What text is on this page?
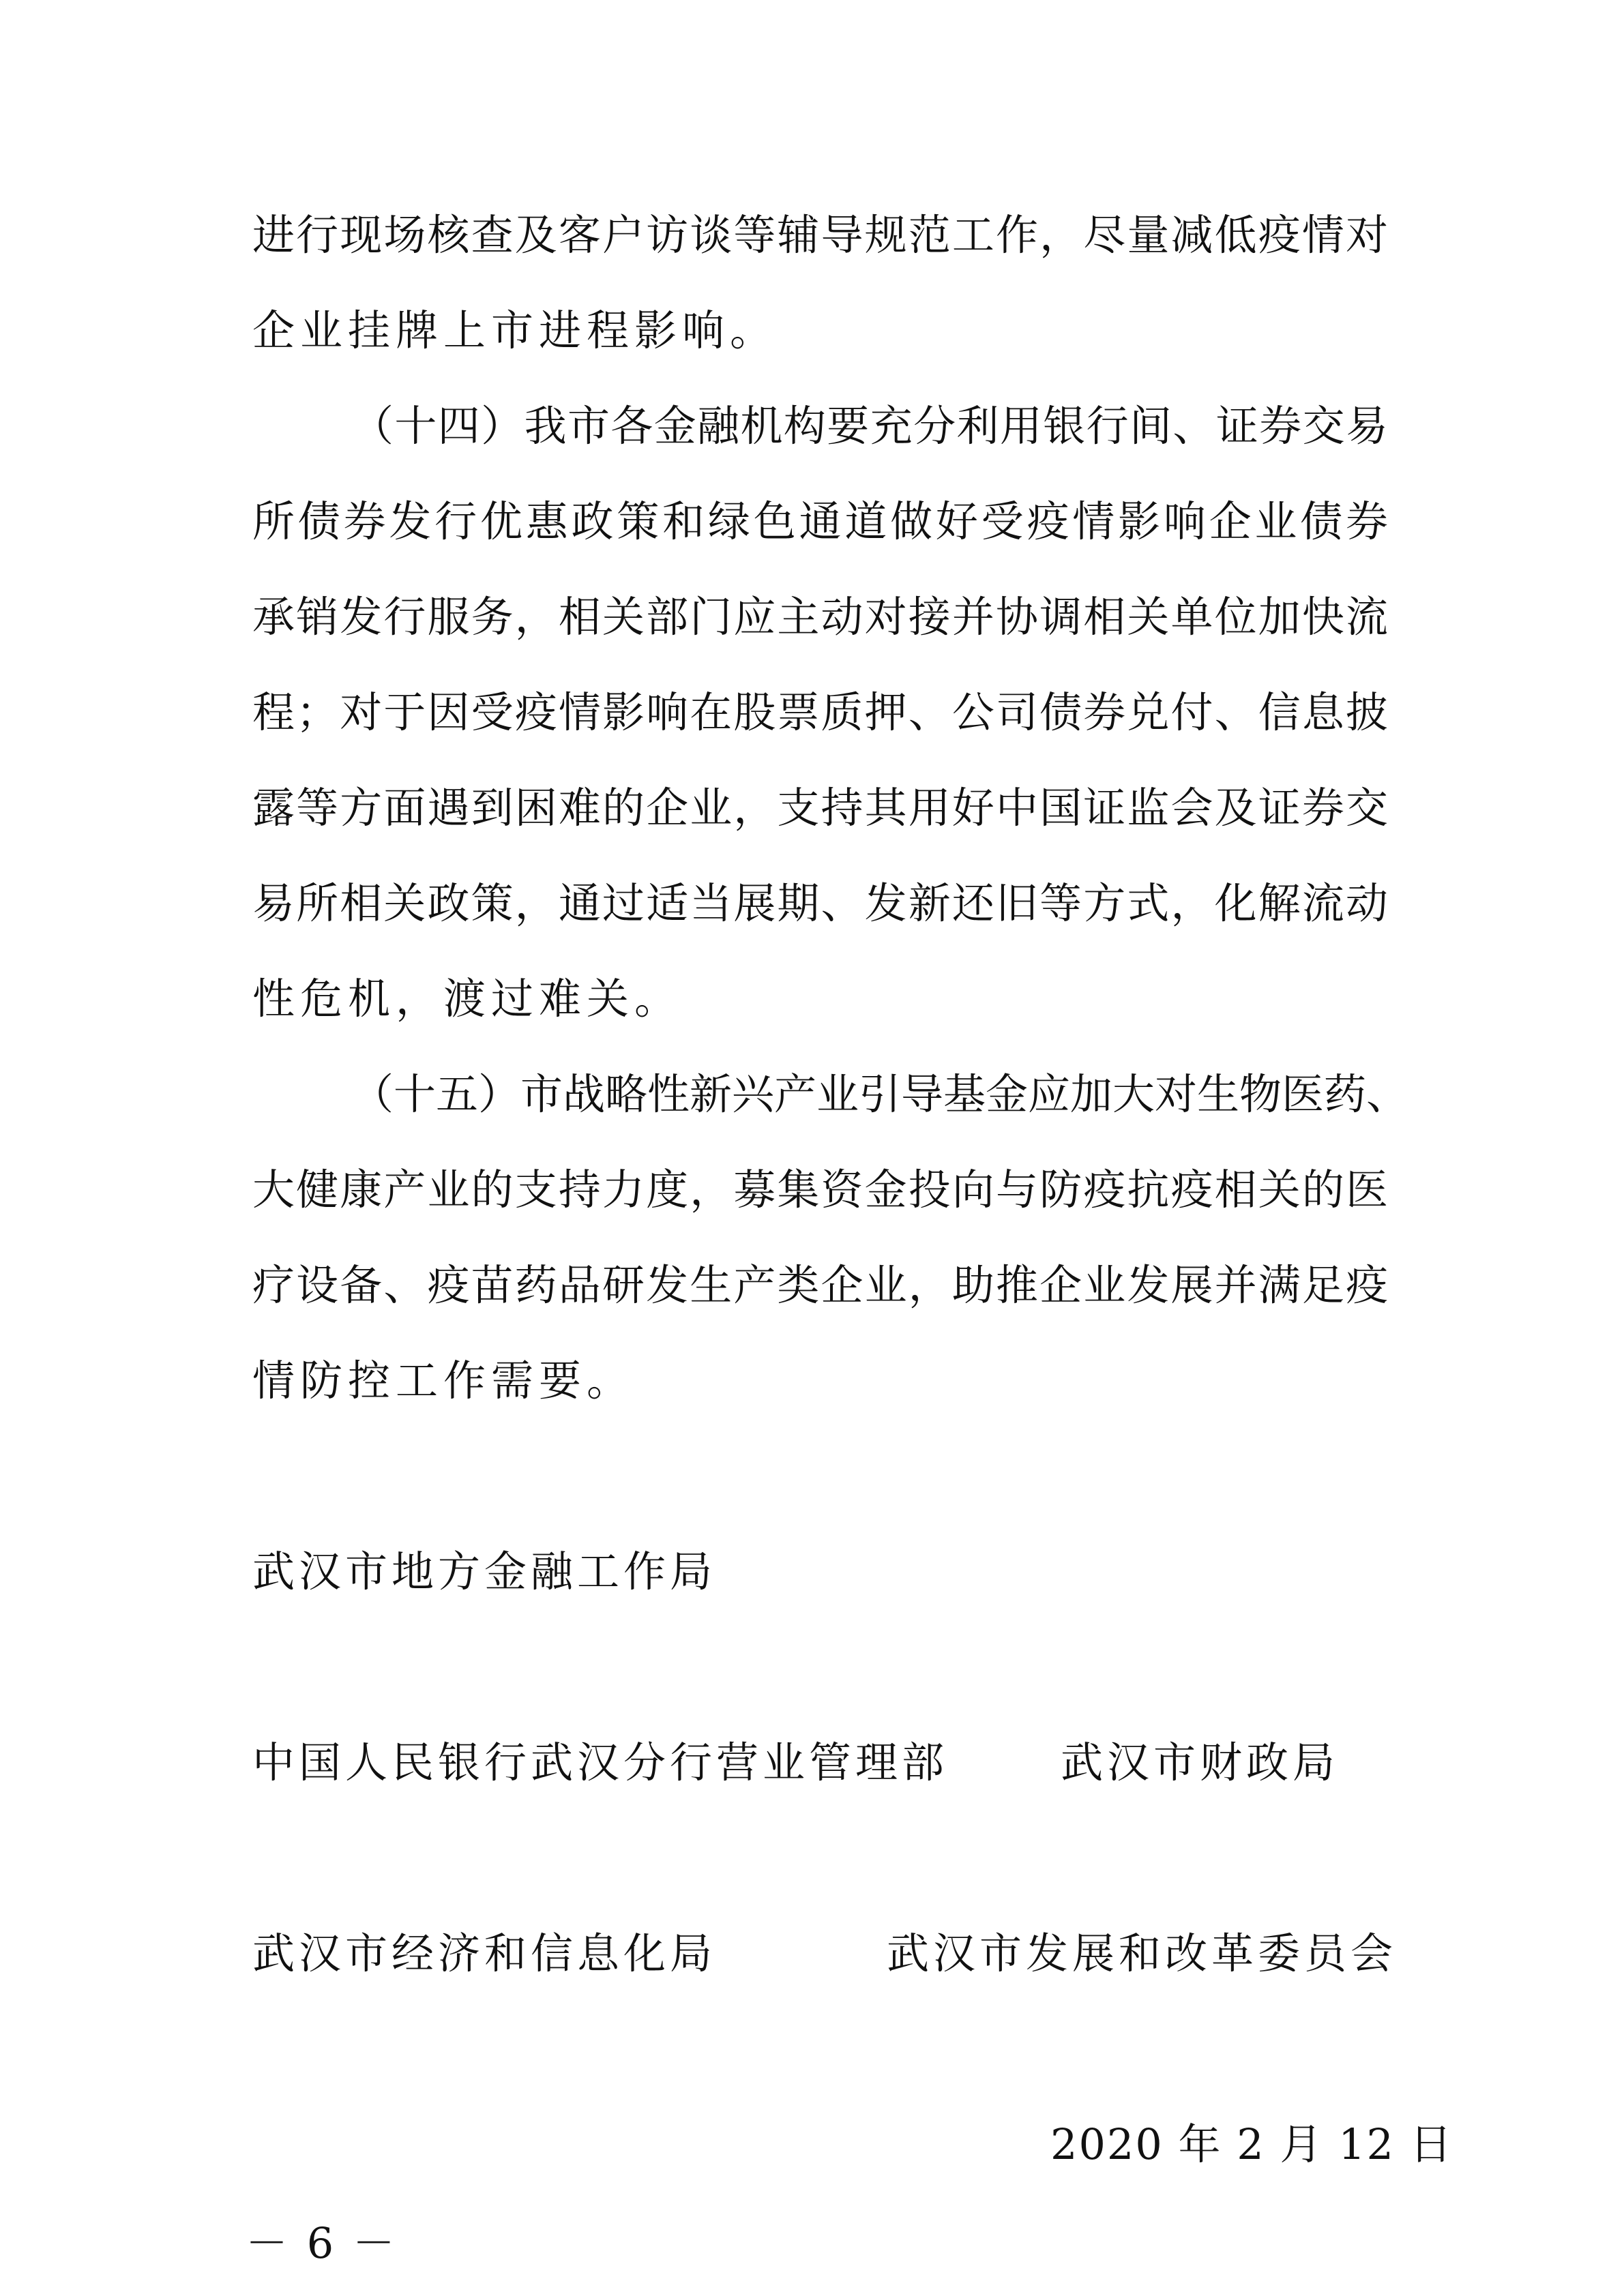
进行现场核查及客户访谈等辅导规范工作，尽量减低疫情对
企业挂牌上市进程影响。
（十四）我市各金融机构要充分利用银行间、证券交易
所债券发行优惠政策和绿色通道做好受疫情影响企业债券
承销发行服务，相关部门应主动对接并协调相关单位加快流
程；对于因受疫情影响在股票质押、公司债券兑付、信息披
露等方面遇到困难的企业，支持其用好中国证监会及证券交
易所相关政策，通过适当展期、发新还旧等方式，化解流动
性危机，渡过难关。
（十五）市战略性新兴产业引导基金应加大对生物医药、
大健康产业的支持力度，募集资金投向与防疫抗疫相关的医
疗设备、疫苗药品研发生产类企业，助推企业发展并满足疫
情防控工作需要。
武汉市地方金融工作局
中国人民银行武汉分行营业管理部	武汉市财政局
武汉市经济和信息化局	武汉市发展和改革委员会
2020 年 2 月 12 日
－ 6 －
